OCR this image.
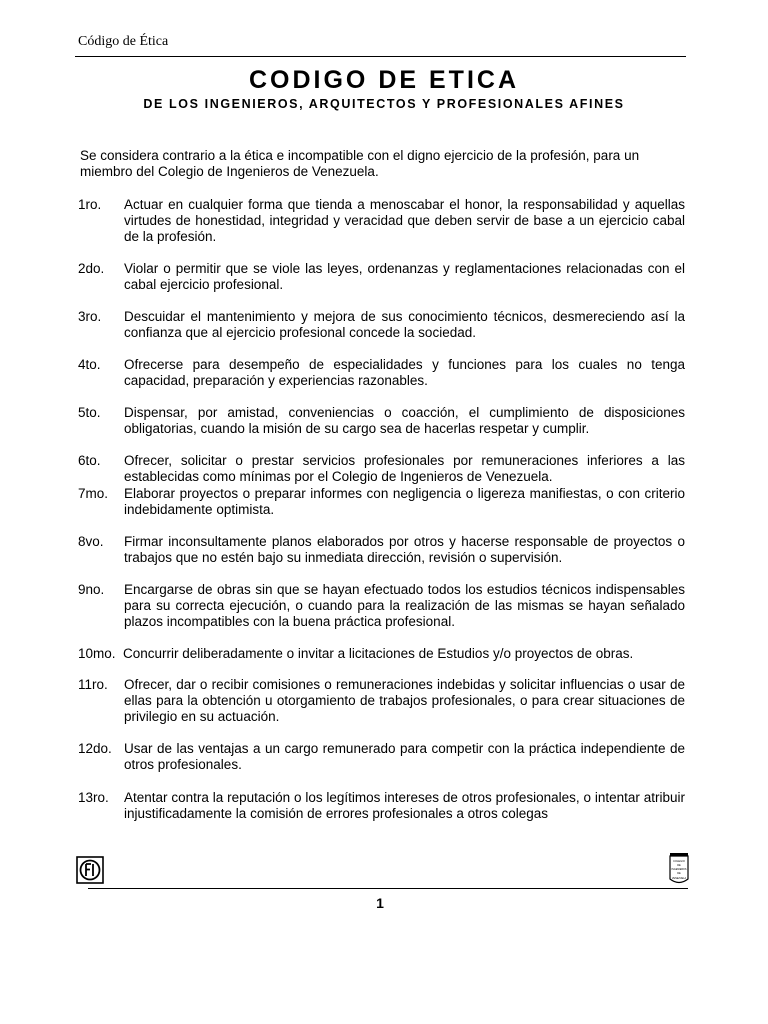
Código de Ética
CODIGO DE ETICA
DE LOS INGENIEROS, ARQUITECTOS Y PROFESIONALES AFINES
Se considera contrario a la ética e incompatible con el digno ejercicio de la profesión, para un miembro del Colegio de Ingenieros de Venezuela.
1ro. Actuar en cualquier forma que tienda a menoscabar el honor, la responsabilidad y aquellas virtudes de honestidad, integridad y veracidad que deben servir de base a un ejercicio cabal de la profesión.
2do. Violar o permitir que se viole las leyes, ordenanzas y reglamentaciones relacionadas con el cabal ejercicio profesional.
3ro. Descuidar el mantenimiento y mejora de sus conocimiento técnicos, desmereciendo así la confianza que al ejercicio profesional concede la sociedad.
4to. Ofrecerse para desempeño de especialidades y funciones para los cuales no tenga capacidad, preparación y experiencias razonables.
5to. Dispensar, por amistad, conveniencias o coacción, el cumplimiento de disposiciones obligatorias, cuando la misión de su cargo sea de hacerlas respetar y cumplir.
6to. Ofrecer, solicitar o prestar servicios profesionales por remuneraciones inferiores a las establecidas como mínimas por el Colegio de Ingenieros de Venezuela.
7mo. Elaborar proyectos o preparar informes con negligencia o ligereza manifiestas, o con criterio indebidamente optimista.
8vo. Firmar inconsultamente planos elaborados por otros y hacerse responsable de proyectos o trabajos que no estén bajo su inmediata dirección, revisión o supervisión.
9no. Encargarse de obras sin que se hayan efectuado todos los estudios técnicos indispensables para su correcta ejecución, o cuando para la realización de las mismas se hayan señalado plazos incompatibles con la buena práctica profesional.
10mo. Concurrir deliberadamente o invitar a licitaciones de Estudios y/o proyectos de obras.
11ro. Ofrecer, dar o recibir comisiones o remuneraciones indebidas y solicitar influencias o usar de ellas para la obtención u otorgamiento de trabajos profesionales, o para crear situaciones de privilegio en su actuación.
12do. Usar de las ventajas a un cargo remunerado para competir con la práctica independiente de otros profesionales.
13ro. Atentar contra la reputación o los legítimos intereses de otros profesionales, o intentar atribuir injustificadamente la comisión de errores profesionales a otros colegas
COLEGIO
DE
INGENIEROS
DE
VENEZUELA
1
